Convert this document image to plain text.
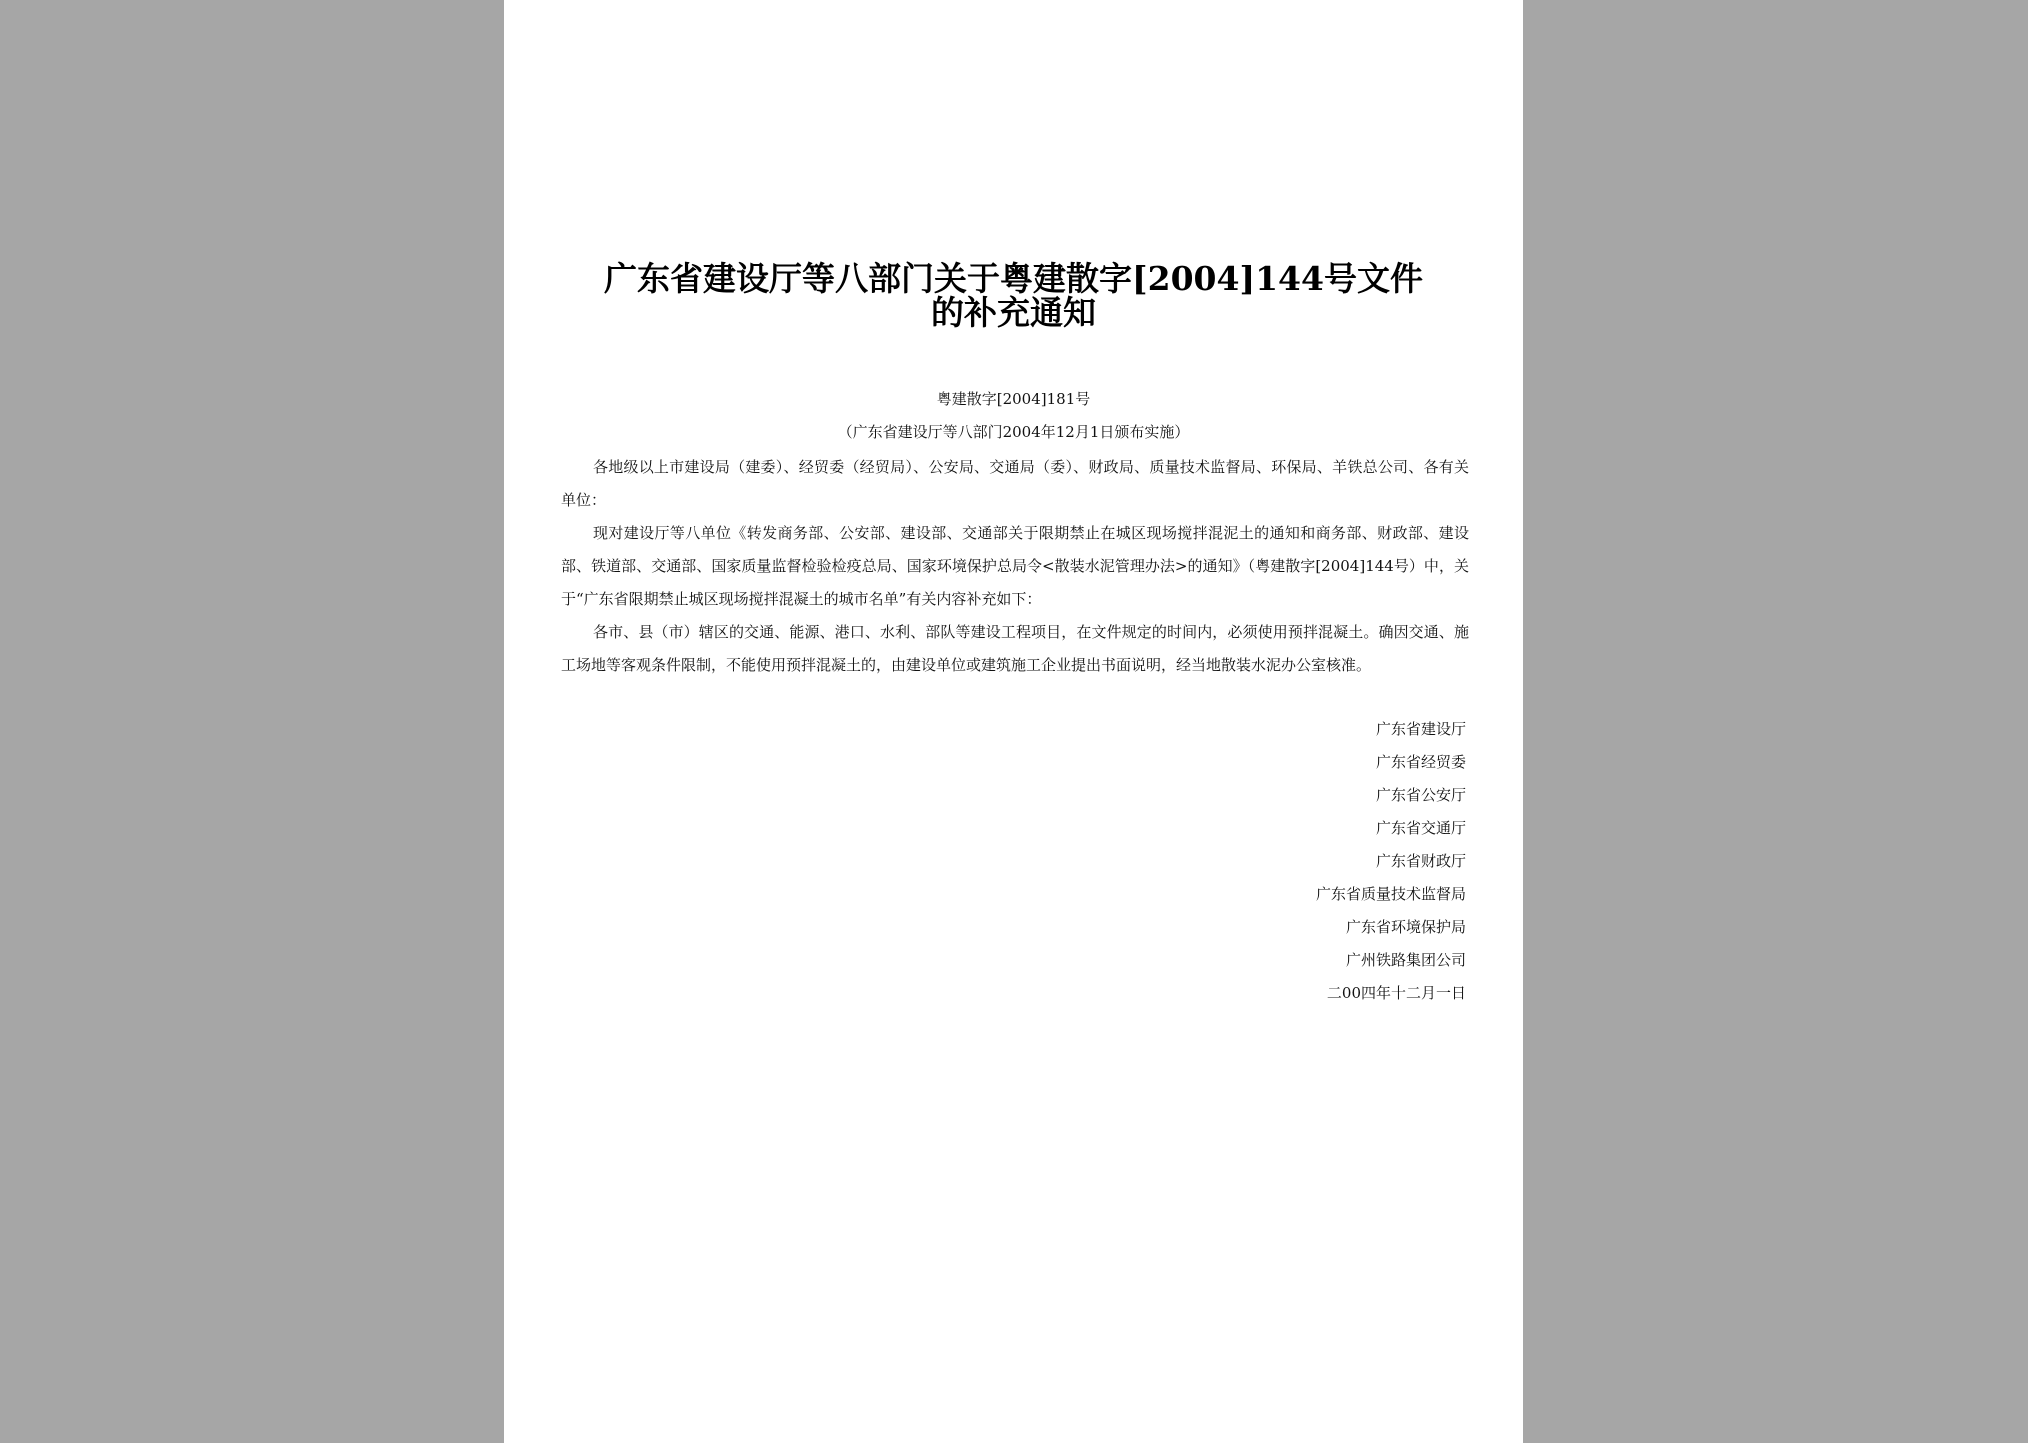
广东省建设厅等八部门关于粤建散字[2004]144号文件
的补充通知
粤建散字[2004]181号
（广东省建设厅等八部门2004年12月1日颁布实施）

各地级以上市建设局（建委）、经贸委（经贸局）、公安局、交通局（委）、财政局、质量技术监督局、环保局、羊铁总公司、各有关单位：

现对建设厅等八单位《转发商务部、公安部、建设部、交通部关于限期禁止在城区现场搅拌混泥土的通知和商务部、财政部、建设部、铁道部、交通部、国家质量监督检验检疫总局、国家环境保护总局令<散装水泥管理办法>的通知》（粤建散字[2004]144号）中，关于“广东省限期禁止城区现场搅拌混凝土的城市名单”有关内容补充如下：

各市、县（市）辖区的交通、能源、港口、水利、部队等建设工程项目，在文件规定的时间内，必须使用预拌混凝土。确因交通、施工场地等客观条件限制，不能使用预拌混凝土的，由建设单位或建筑施工企业提出书面说明，经当地散装水泥办公室核准。

广东省建设厅
广东省经贸委
广东省公安厅
广东省交通厅
广东省财政厅
广东省质量技术监督局
广东省环境保护局
广州铁路集团公司
二00四年十二月一日
